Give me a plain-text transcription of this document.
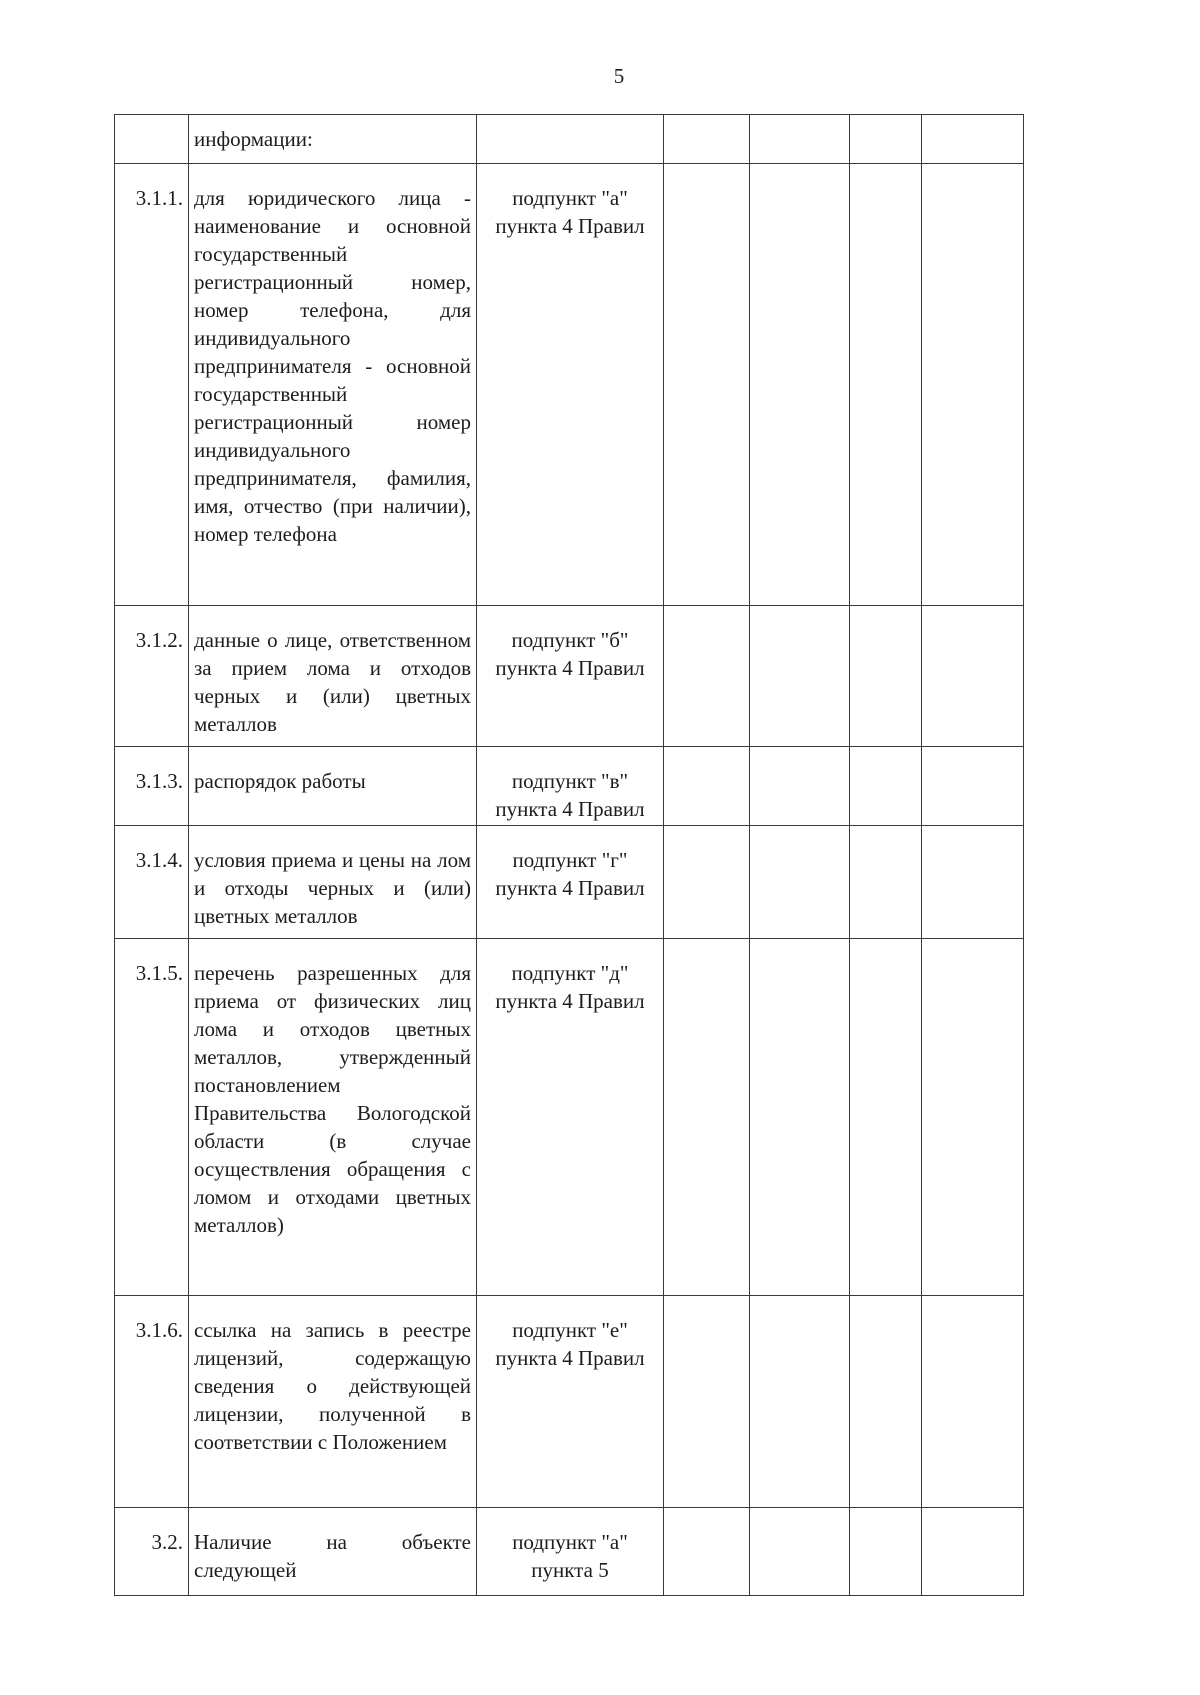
5
	информации:					
3.1.1.	для юридического лица - наименование и основной государственный регистрационный номер, номер телефона, для индивидуального предпринимателя - основной государственный регистрационный номер индивидуального предпринимателя, фамилия, имя, отчество (при наличии), номер телефона	подпункт "а" пункта 4 Правил				
3.1.2.	данные о лице, ответственном за прием лома и отходов черных и (или) цветных металлов	подпункт "б" пункта 4 Правил				
3.1.3.	распорядок работы	подпункт "в" пункта 4 Правил				
3.1.4.	условия приема и цены на лом и отходы черных и (или) цветных металлов	подпункт "г" пункта 4 Правил				
3.1.5.	перечень разрешенных для приема от физических лиц лома и отходов цветных металлов, утвержденный постановлением Правительства Вологодской области (в случае осуществления обращения с ломом и отходами цветных металлов)	подпункт "д" пункта 4 Правил				
3.1.6.	ссылка на запись в реестре лицензий, содержащую сведения о действующей лицензии, полученной в соответствии с Положением	подпункт "е" пункта 4 Правил				
3.2.	Наличие на объекте следующей	подпункт "а" пункта 5				
